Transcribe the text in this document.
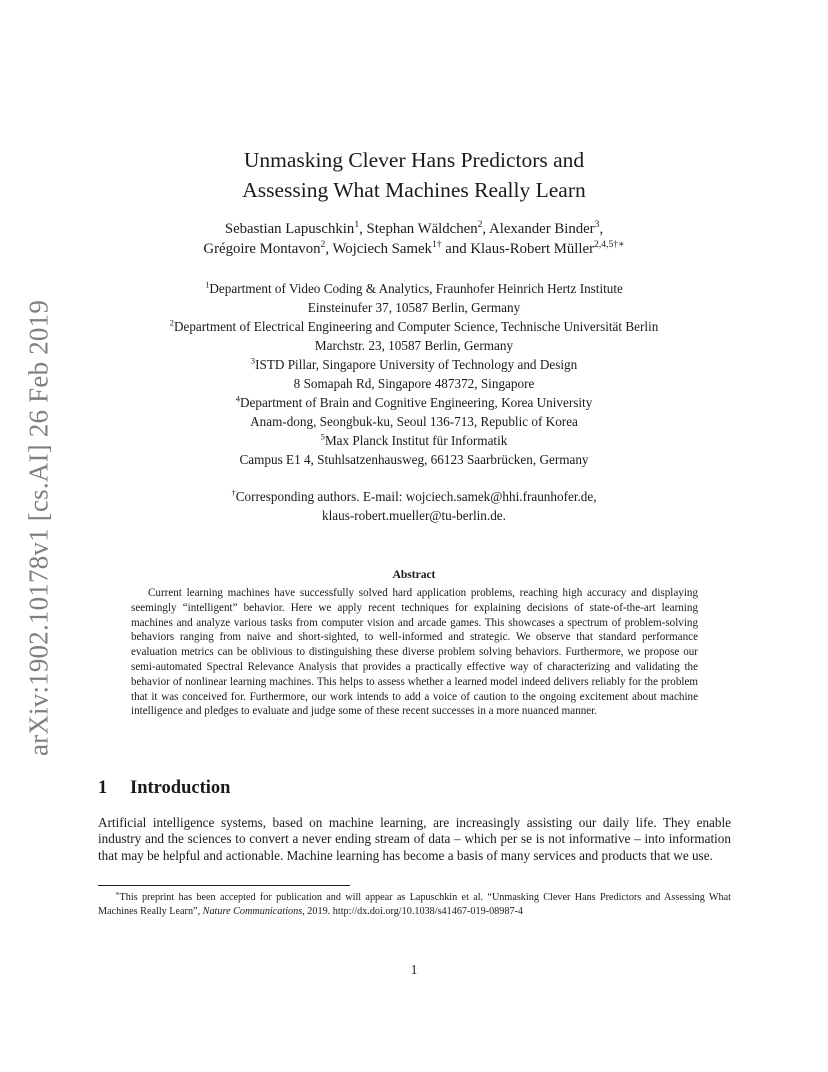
arXiv:1902.10178v1 [cs.AI] 26 Feb 2019
Unmasking Clever Hans Predictors and
Assessing What Machines Really Learn
Sebastian Lapuschkin$^1$, Stephan Wäldchen$^2$, Alexander Binder$^3$,
Grégoire Montavon$^2$, Wojciech Samek$^{1\dagger}$ and Klaus-Robert Müller$^{2,4,5\dagger∗}$
$^1$Department of Video Coding & Analytics, Fraunhofer Heinrich Hertz Institute
Einsteinufer 37, 10587 Berlin, Germany
$^2$Department of Electrical Engineering and Computer Science, Technische Universität Berlin
Marchstr. 23, 10587 Berlin, Germany
$^3$ISTD Pillar, Singapore University of Technology and Design
8 Somapah Rd, Singapore 487372, Singapore
$^4$Department of Brain and Cognitive Engineering, Korea University
Anam-dong, Seongbuk-ku, Seoul 136-713, Republic of Korea
$^5$Max Planck Institut für Informatik
Campus E1 4, Stuhlsatzenhausweg, 66123 Saarbrücken, Germany
†Corresponding authors. E-mail: wojciech.samek@hhi.fraunhofer.de,
klaus-robert.mueller@tu-berlin.de.
Abstract

Current learning machines have successfully solved hard application problems, reaching high accuracy and displaying seemingly “intelligent” behavior. Here we apply recent techniques for explaining decisions of state-of-the-art learning machines and analyze various tasks from computer vision and arcade games. This showcases a spectrum of problem-solving behaviors ranging from naive and short-sighted, to well-informed and strategic. We observe that standard performance evaluation metrics can be oblivious to distinguishing these diverse problem solving behaviors. Furthermore, we propose our semi-automated Spectral Relevance Analysis that provides a practically effective way of characterizing and validating the behavior of nonlinear learning machines. This helps to assess whether a learned model indeed delivers reliably for the problem that it was conceived for. Furthermore, our work intends to add a voice of caution to the ongoing excitement about machine intelligence and pledges to evaluate and judge some of these recent successes in a more nuanced manner.

1 Introduction

Artificial intelligence systems, based on machine learning, are increasingly assisting our daily life. They enable industry and the sciences to convert a never ending stream of data – which per se is not informative – into information that may be helpful and actionable. Machine learning has become a basis of many services and products that we use.

∗This preprint has been accepted for publication and will appear as Lapuschkin et al. “Unmasking Clever Hans Predictors and Assessing What Machines Really Learn”, Nature Communications, 2019. http://dx.doi.org/10.1038/s41467-019-08987-4

1
